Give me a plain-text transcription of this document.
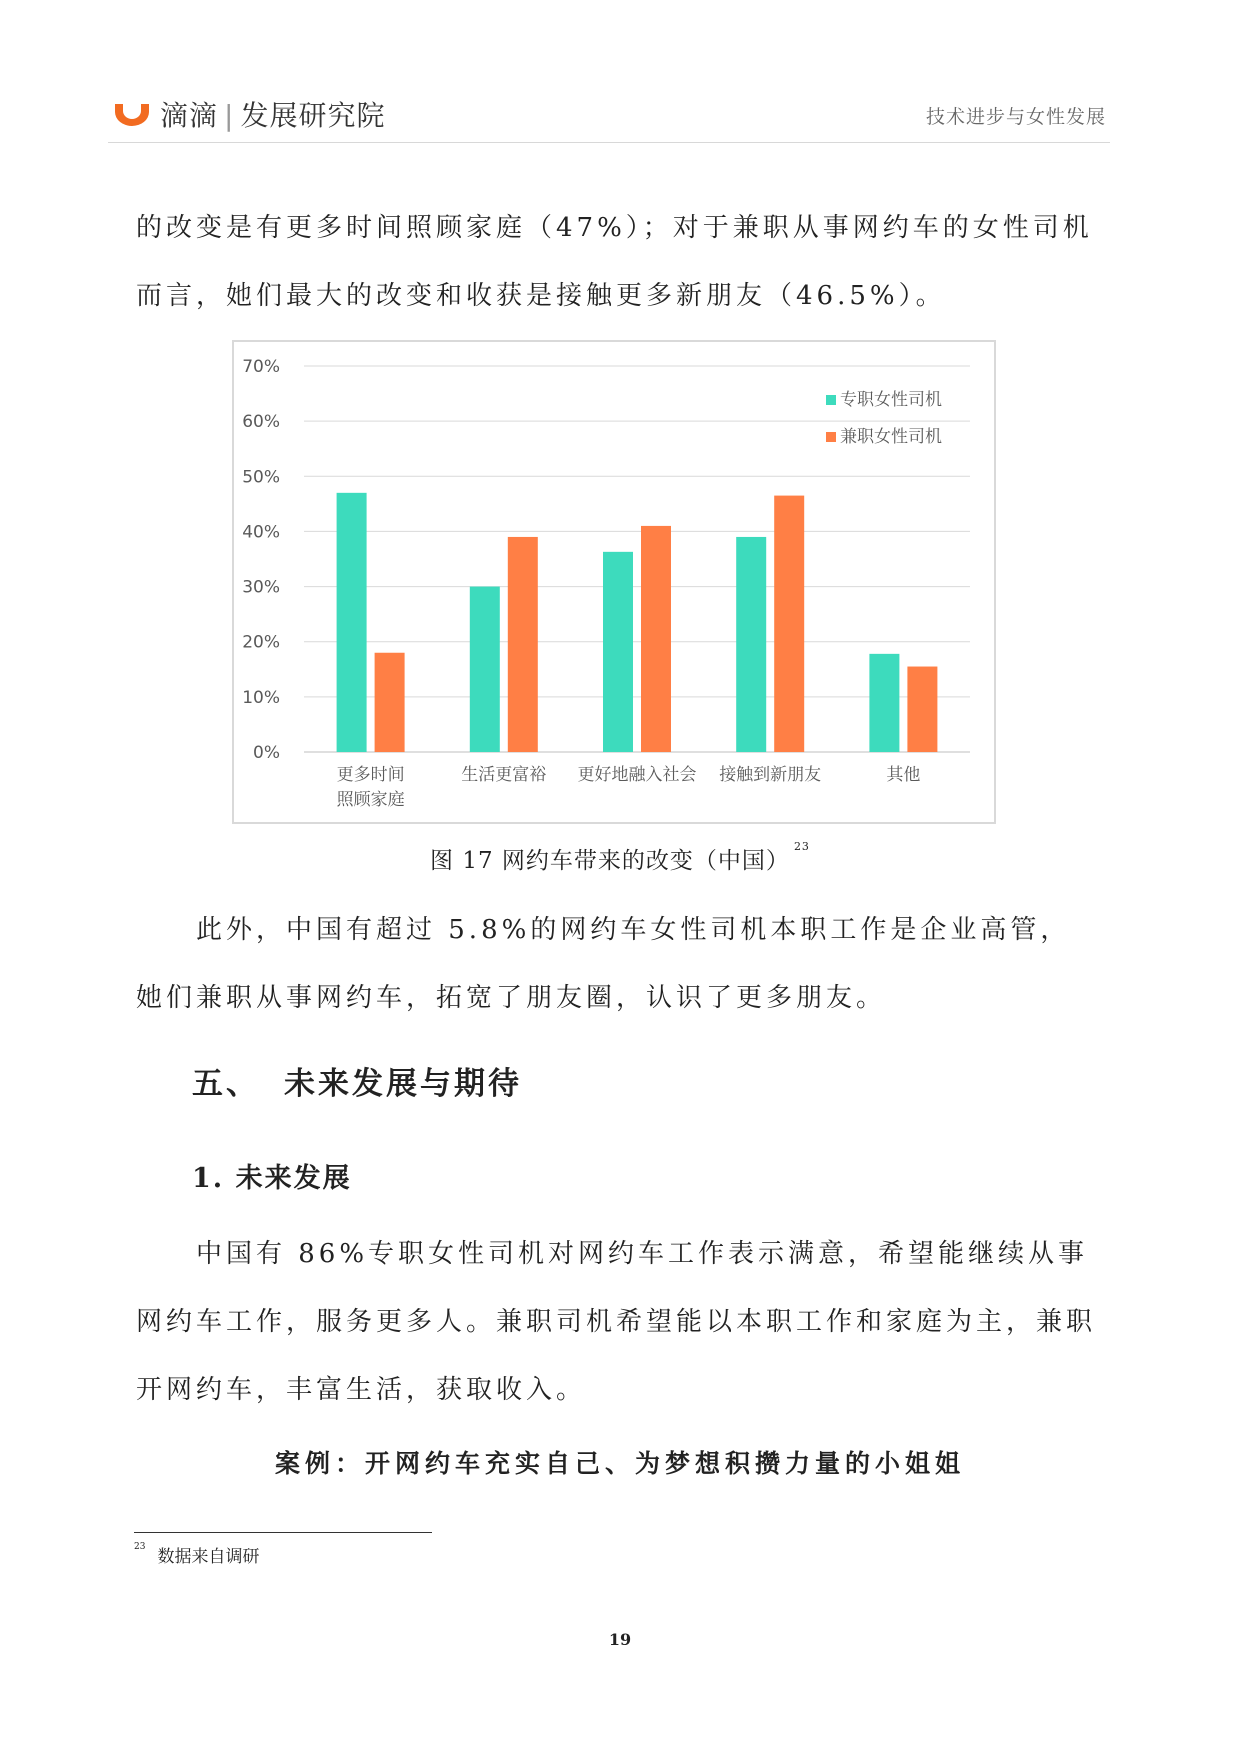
滴滴 | 发展研究院	技术进步与女性发展

的改变是有更多时间照顾家庭（47%）；对于兼职从事网约车的女性司机而言，她们最大的改变和收获是接触更多新朋友（46.5%）。

0%
10%
20%
30%
40%
50%
60%
70%
更多时间
照顾家庭
生活更富裕 更好地融入社会 接触到新朋友	其他
专职女性司机
兼职女性司机
图 17 网约车带来的改变（中国）$^{23}$

　　此外，中国有超过 5.8%的网约车女性司机本职工作是企业高管，她们兼职从事网约车，拓宽了朋友圈，认识了更多朋友。

五、 未来发展与期待
1. 未来发展

　　中国有 86%专职女性司机对网约车工作表示满意，希望能继续从事网约车工作，服务更多人。兼职司机希望能以本职工作和家庭为主，兼职开网约车，丰富生活，获取收入。

案例：开网约车充实自己、为梦想积攒力量的小姐姐
$^{23}$ 数据来自调研
19
